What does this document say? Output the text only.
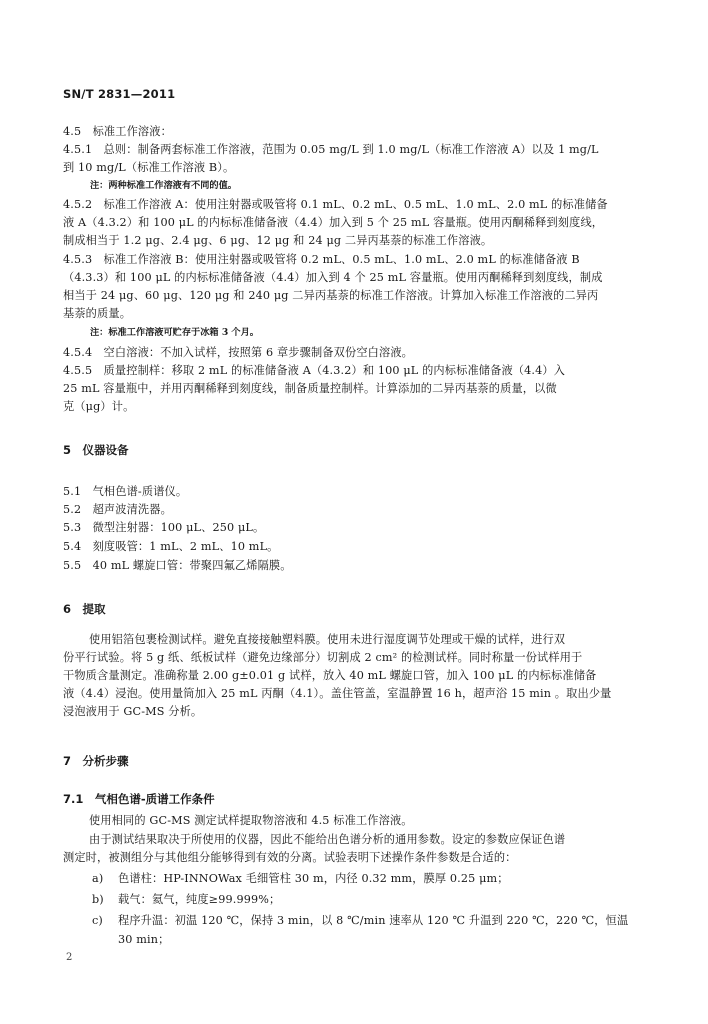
SN/T 2831—2011
4.5　标准工作溶液：
4.5.1　总则：制备两套标准工作溶液，范围为 0.05 mg/L 到 1.0 mg/L（标准工作溶液 A）以及 1 mg/L
到 10 mg/L（标准工作溶液 B）。
注：两种标准工作溶液有不同的值。
4.5.2　标准工作溶液 A：使用注射器或吸管将 0.1 mL、0.2 mL、0.5 mL、1.0 mL、2.0 mL 的标准储备
液 A（4.3.2）和 100 μL 的内标标准储备液（4.4）加入到 5 个 25 mL 容量瓶。使用丙酮稀释到刻度线，
制成相当于 1.2 μg、2.4 μg、6 μg、12 μg 和 24 μg 二异丙基萘的标准工作溶液。
4.5.3　标准工作溶液 B：使用注射器或吸管将 0.2 mL、0.5 mL、1.0 mL、2.0 mL 的标准储备液 B
（4.3.3）和 100 μL 的内标标准储备液（4.4）加入到 4 个 25 mL 容量瓶。使用丙酮稀释到刻度线，制成
相当于 24 μg、60 μg、120 μg 和 240 μg 二异丙基萘的标准工作溶液。计算加入标准工作溶液的二异丙
基萘的质量。
注：标准工作溶液可贮存于冰箱 3 个月。
4.5.4　空白溶液：不加入试样，按照第 6 章步骤制备双份空白溶液。
4.5.5　质量控制样：移取 2 mL 的标准储备液 A（4.3.2）和 100 μL 的内标标准储备液（4.4）入
25 mL 容量瓶中，并用丙酮稀释到刻度线，制备质量控制样。计算添加的二异丙基萘的质量，以微
克（μg）计。
5　仪器设备
5.1　气相色谱-质谱仪。
5.2　超声波清洗器。
5.3　微型注射器：100 μL、250 μL。
5.4　刻度吸管：1 mL、2 mL、10 mL。
5.5　40 mL 螺旋口管：带聚四氟乙烯隔膜。
6　提取
使用铝箔包裹检测试样。避免直接接触塑料膜。使用未进行湿度调节处理或干燥的试样，进行双
份平行试验。将 5 g 纸、纸板试样（避免边缘部分）切割成 2 cm² 的检测试样。同时称量一份试样用于
干物质含量测定。准确称量 2.00 g±0.01 g 试样，放入 40 mL 螺旋口管，加入 100 μL 的内标标准储备
液（4.4）浸泡。使用量筒加入 25 mL 丙酮（4.1）。盖住管盖，室温静置 16 h，超声浴 15 min 。取出少量
浸泡液用于 GC-MS 分析。
7　分析步骤
7.1　气相色谱-质谱工作条件
使用相同的 GC-MS 测定试样提取物溶液和 4.5 标准工作溶液。
由于测试结果取决于所使用的仪器，因此不能给出色谱分析的通用参数。设定的参数应保证色谱
测定时，被测组分与其他组分能够得到有效的分离。试验表明下述操作条件参数是合适的：
a) 色谱柱：HP-INNOWax 毛细管柱 30 m，内径 0.32 mm，膜厚 0.25 μm；
b) 载气：氦气，纯度≥99.999%；
c) 程序升温：初温 120 ℃，保持 3 min，以 8 ℃/min 速率从 120 ℃ 升温到 220 ℃，220 ℃，恒温
30 min；
2
